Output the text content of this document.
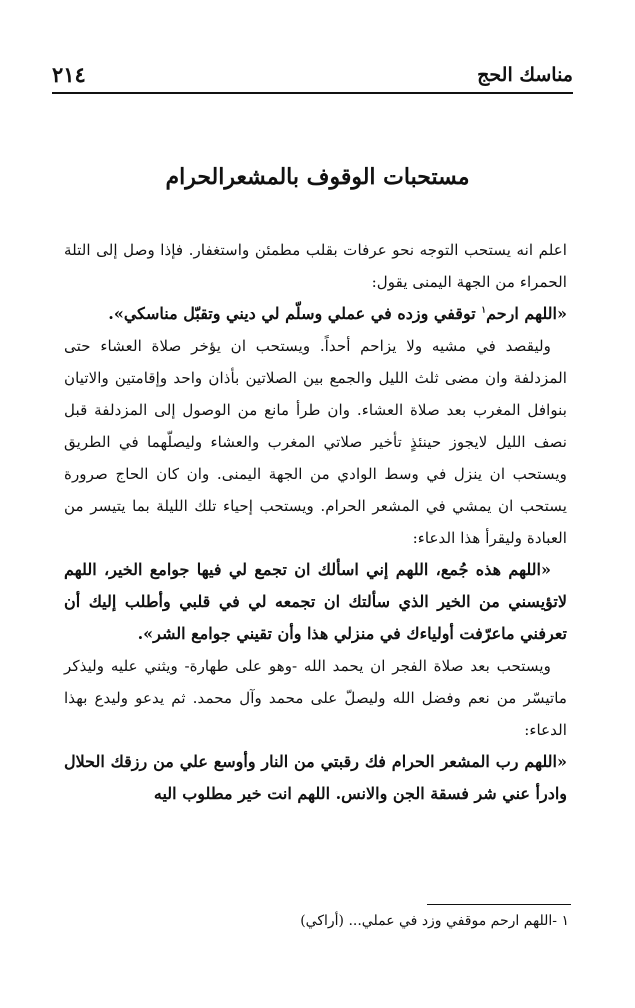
مناسك الحج
٢١٤
مستحبات الوقوف بالمشعرالحرام

اعلم انه يستحب التوجه نحو عرفات بقلب مطمئن واستغفار. فإذا وصل إلى التلة الحمراء من الجهة اليمنى يقول:

«اللهم ارحم$^١$ توقفي وزده في عملي وسلّم لي ديني وتقبّل مناسكي».

وليقصد في مشيه ولا يزاحم أحداً. ويستحب ان يؤخر صلاة العشاء حتى المزدلفة وان مضى ثلث الليل والجمع بين الصلاتين بأذان واحد وإقامتين والاتيان بنوافل المغرب بعد صلاة العشاء. وان طرأ مانع من الوصول إلى المزدلفة قبل نصف الليل لايجوز حينئذٍ تأخير صلاتي المغرب والعشاء وليصلّهما في الطريق ويستحب ان ينزل في وسط الوادي من الجهة اليمنى. وان كان الحاج صرورة يستحب ان يمشي في المشعر الحرام. ويستحب إحياء تلك الليلة بما يتيسر من العبادة وليقرأ هذا الدعاء:

«اللهم هذه جُمع، اللهم إني اسألك ان تجمع لي فيها جوامع الخير، اللهم لاتؤيسني من الخير الذي سألتك ان تجمعه لي في قلبي وأطلب إليك أن تعرفني ماعرّفت أولياءك في منزلي هذا وأن تقيني جوامع الشر».

ويستحب بعد صلاة الفجر ان يحمد الله -وهو على طهارة- ويثني عليه وليذكر ماتيسّر من نعم وفضل الله وليصلّ على محمد وآل محمد. ثم يدعو وليدع بهذا الدعاء:

«اللهم رب المشعر الحرام فك رقبتي من النار وأوسع علي من رزقك الحلال وادرأ عني شر فسقة الجن والانس. اللهم انت خير مطلوب اليه

١ -اللهم ارحم موقفي وزد في عملي... (أراكي)
